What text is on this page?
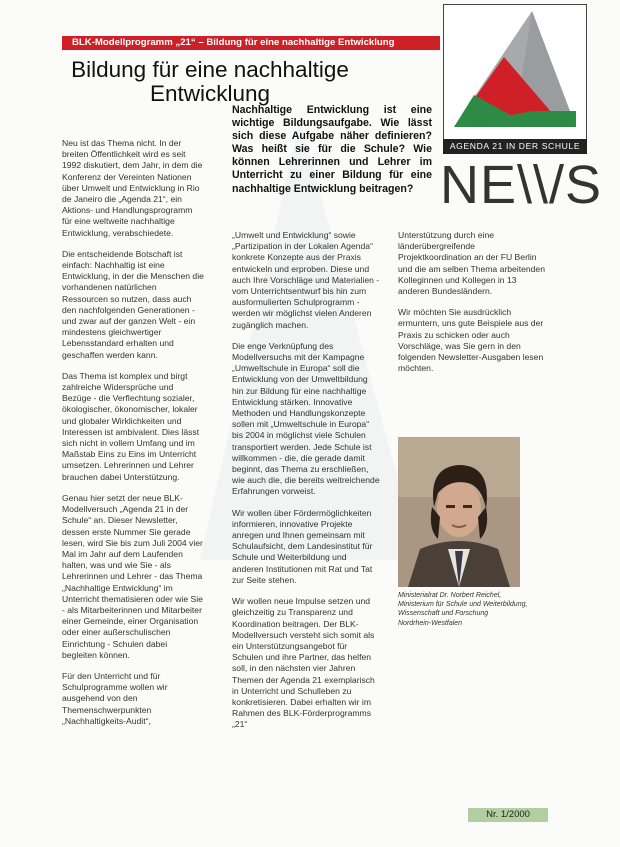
BLK-Modellprogramm „21“ – Bildung für eine nachhaltige Entwicklung
AGENDA 21 IN DER SCHULE
NE\\/S
Bildung für eine nachhaltige
Entwicklung
Nachhaltige Entwicklung ist eine wichtige Bildungsaufgabe. Wie lässt sich diese Aufgabe näher definieren? Was heißt sie für die Schule? Wie können Lehrerinnen und Lehrer im Unterricht zu einer Bildung für eine nachhaltige Entwicklung beitragen?

Neu ist das Thema nicht. In der breiten Öffentlichkeit wird es seit 1992 diskutiert, dem Jahr, in dem die Konferenz der Vereinten Nationen über Umwelt und Entwicklung in Rio de Janeiro die „Agenda 21“, ein Aktions- und Handlungsprogramm für eine weltweite nachhaltige Entwicklung, verabschiedete.

Die entscheidende Botschaft ist einfach: Nachhaltig ist eine Entwicklung, in der die Menschen die vorhandenen natürlichen Ressourcen so nutzen, dass auch den nachfolgenden Generationen - und zwar auf der ganzen Welt - ein mindestens gleichwertiger Lebensstandard erhalten und geschaffen werden kann.

Das Thema ist komplex und birgt zahlreiche Widersprüche und Bezüge - die Verflechtung sozialer, ökologischer, ökonomischer, lokaler und globaler Wirklichkeiten und Interessen ist ambivalent. Dies lässt sich nicht in vollem Umfang und im Maßstab Eins zu Eins im Unterricht umsetzen. Lehrerinnen und Lehrer brauchen dabei Unterstützung.

Genau hier setzt der neue BLK-Modellversuch „Agenda 21 in der Schule“ an. Dieser Newsletter, dessen erste Nummer Sie gerade lesen, wird Sie bis zum Juli 2004 vier Mal im Jahr auf dem Laufenden halten, was und wie Sie - als Lehrerinnen und Lehrer - das Thema „Nachhaltige Entwicklung“ im Unterricht thematisieren oder wie Sie - als Mitarbeiterinnen und Mitarbeiter einer Gemeinde, einer Organisation oder einer außerschulischen Einrichtung - Schulen dabei begleiten können.

Für den Unterricht und für Schulprogramme wollen wir ausgehend von den Themenschwerpunkten „Nachhaltigkeits-Audit“,

„Umwelt und Entwicklung“ sowie „Partizipation in der Lokalen Agenda“ konkrete Konzepte aus der Praxis entwickeln und erproben. Diese und auch Ihre Vorschläge und Materialien - vom Unterrichtsentwurf bis hin zum ausformulierten Schulprogramm - werden wir möglichst vielen Anderen zugänglich machen.

Die enge Verknüpfung des Modellversuchs mit der Kampagne „Umweltschule in Europa“ soll die Entwicklung von der Umweltbildung hin zur Bildung für eine nachhaltige Entwicklung stärken. Innovative Methoden und Handlungskonzepte sollen mit „Umweltschule in Europa“ bis 2004 in möglichst viele Schulen transportiert werden. Jede Schule ist willkommen - die, die gerade damit beginnt, das Thema zu erschließen, wie auch die, die bereits weitreichende Erfahrungen vorweist.

Wir wollen über Fördermöglichkeiten informieren, innovative Projekte anregen und Ihnen gemeinsam mit Schulaufsicht, dem Landesinstitut für Schule und Weiterbildung und anderen Institutionen mit Rat und Tat zur Seite stehen.

Wir wollen neue Impulse setzen und gleichzeitig zu Transparenz und Koordination beitragen. Der BLK-Modellversuch versteht sich somit als ein Unterstützungsangebot für Schulen und ihre Partner, das helfen soll, in den nächsten vier Jahren Themen der Agenda 21 exemplarisch in Unterricht und Schulleben zu konkretisieren. Dabei erhalten wir im Rahmen des BLK-Förderprogramms „21“

Unterstützung durch eine länderübergreifende Projektkoordination an der FU Berlin und die am selben Thema arbeitenden Kolleginnen und Kollegen in 13 anderen Bundesländern.

Wir möchten Sie ausdrücklich ermuntern, uns gute Beispiele aus der Praxis zu schicken oder auch Vorschläge, was Sie gern in den folgenden Newsletter-Ausgaben lesen möchten.

Ministerialrat Dr. Norbert Reichel,
Ministerium für Schule und Weiterbildung,
Wissenschaft und Forschung
Nordrhein-Westfalen
Nr. 1/2000
